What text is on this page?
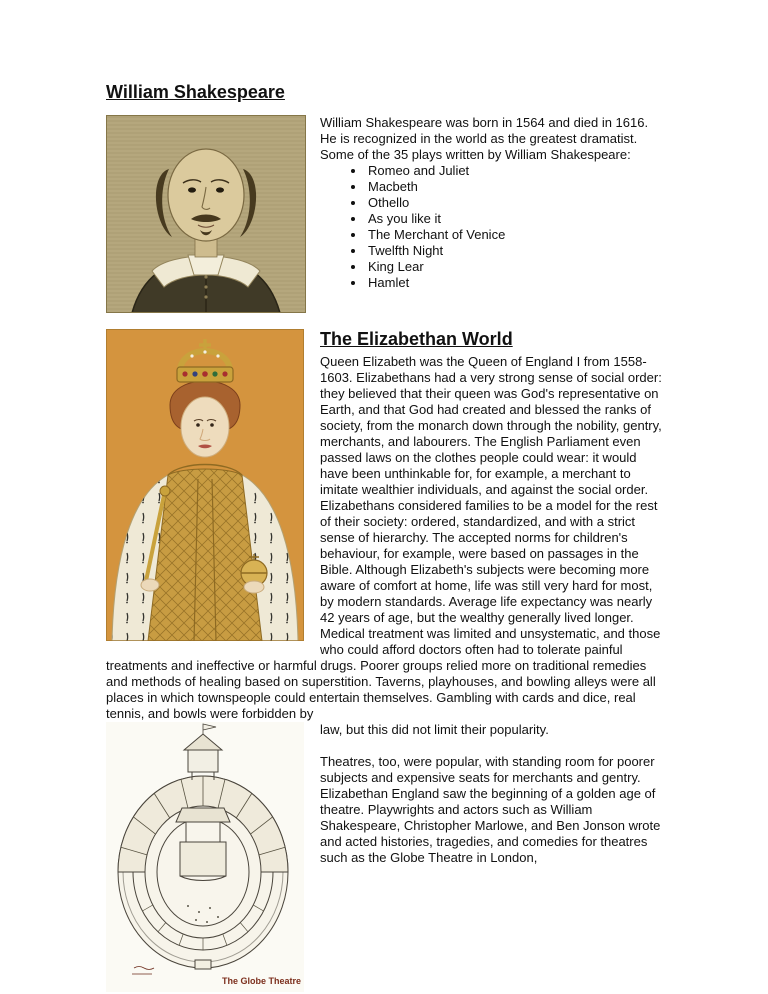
William Shakespeare

William Shakespeare was born in 1564 and died in 1616. He is recognized in the world as the greatest dramatist. Some of the 35 plays written by William Shakespeare:

• Romeo and Juliet
• Macbeth
• Othello
• As you like it
• The Merchant of Venice
• Twelfth Night
• King Lear
• Hamlet
The Elizabethan World

Queen Elizabeth was the Queen of England I from 1558-1603. Elizabethans had a very strong sense of social order: they believed that their queen was God's representative on Earth, and that God had created and blessed the ranks of society, from the monarch down through the nobility, gentry, merchants, and labourers. The English Parliament even passed laws on the clothes people could wear: it would have been unthinkable for, for example, a merchant to imitate wealthier individuals, and against the social order. Elizabethans considered families to be a model for the rest of their society: ordered, standardized, and with a strict sense of hierarchy. The accepted norms for children's behaviour, for example, were based on passages in the Bible. Although Elizabeth's subjects were becoming more aware of comfort at home, life was still very hard for most, by modern standards. Average life expectancy was nearly 42 years of age, but the wealthy generally lived longer. Medical treatment was limited and unsystematic, and those who could afford doctors often had to tolerate painful treatments and ineffective or harmful drugs. Poorer groups relied more on traditional remedies and methods of healing based on superstition. Taverns, playhouses, and bowling alleys were all places in which townspeople could entertain themselves. Gambling with cards and dice, real tennis, and bowls were forbidden by

The Globe Theatre

law, but this did not limit their popularity.

Theatres, too, were popular, with standing room for poorer subjects and expensive seats for merchants and gentry. Elizabethan England saw the beginning of a golden age of theatre. Playwrights and actors such as William Shakespeare, Christopher Marlowe, and Ben Jonson wrote and acted histories, tragedies, and comedies for theatres such as the Globe Theatre in London,
